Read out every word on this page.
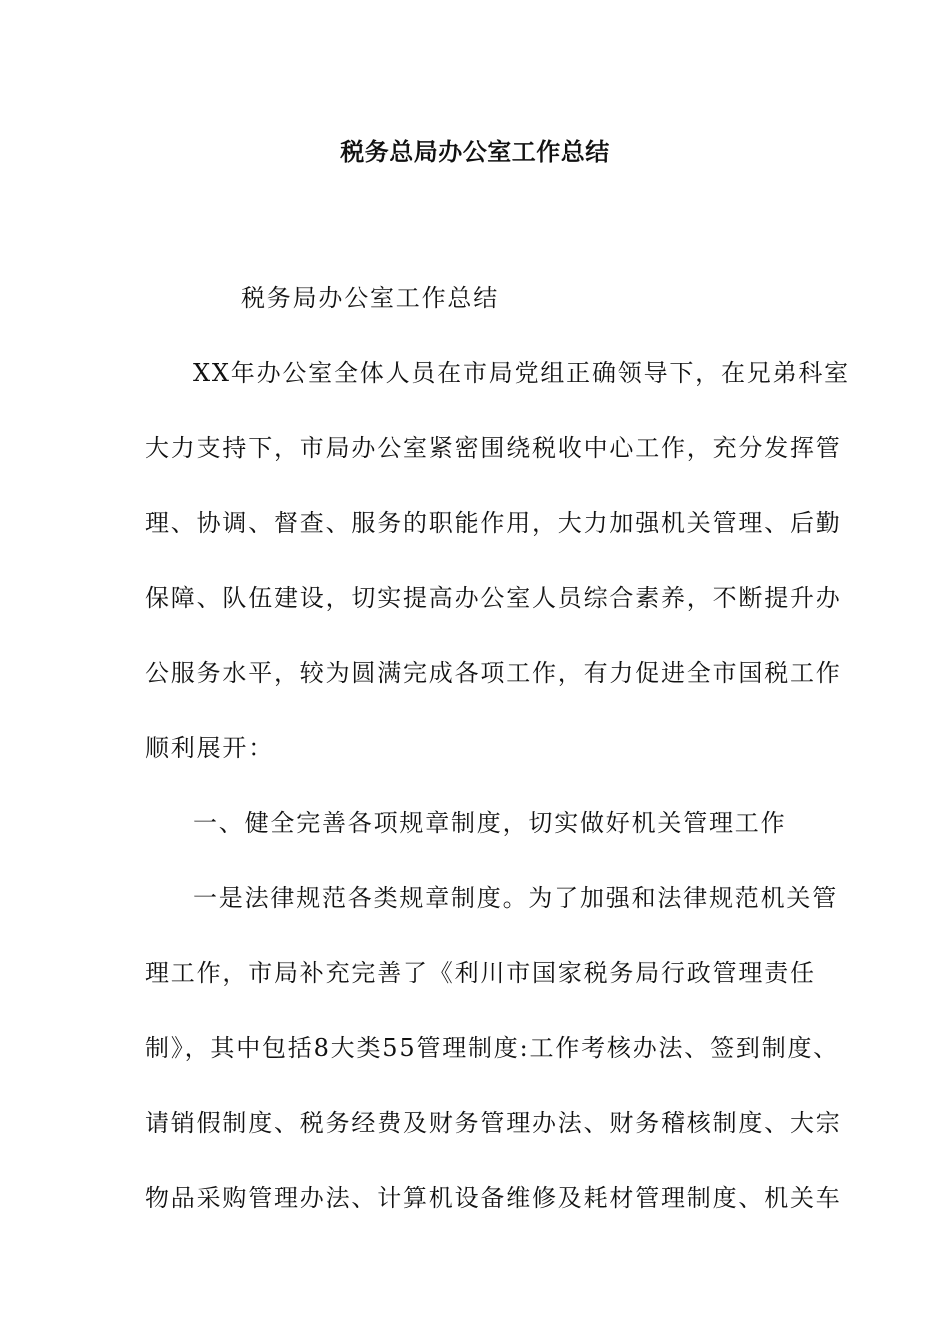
税务总局办公室工作总结
税务局办公室工作总结
XX年办公室全体人员在市局党组正确领导下，在兄弟科室
大力支持下，市局办公室紧密围绕税收中心工作，充分发挥管
理、协调、督查、服务的职能作用，大力加强机关管理、后勤
保障、队伍建设，切实提高办公室人员综合素养，不断提升办
公服务水平，较为圆满完成各项工作，有力促进全市国税工作
顺利展开：
一、健全完善各项规章制度，切实做好机关管理工作
一是法律规范各类规章制度。为了加强和法律规范机关管
理工作，市局补充完善了《利川市国家税务局行政管理责任
制》，其中包括8大类55管理制度:工作考核办法、签到制度、
请销假制度、税务经费及财务管理办法、财务稽核制度、大宗
物品采购管理办法、计算机设备维修及耗材管理制度、机关车
